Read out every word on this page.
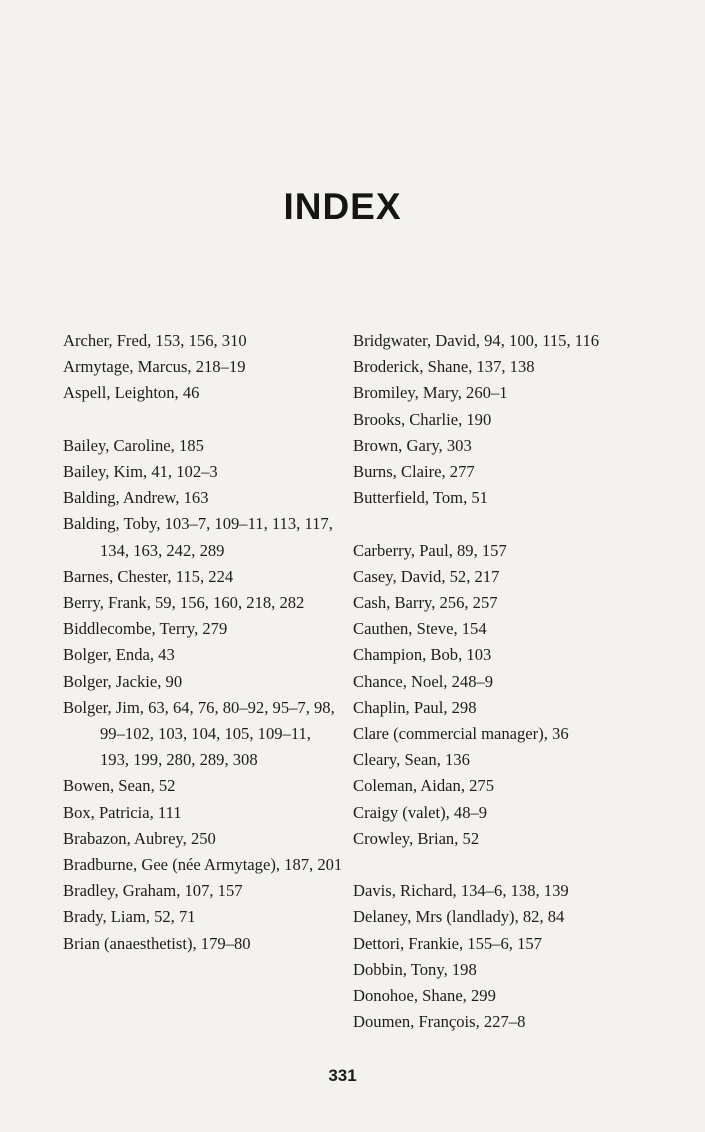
INDEX
Archer, Fred, 153, 156, 310
Armytage, Marcus, 218–19
Aspell, Leighton, 46
Bailey, Caroline, 185
Bailey, Kim, 41, 102–3
Balding, Andrew, 163
Balding, Toby, 103–7, 109–11, 113, 117, 134, 163, 242, 289
Barnes, Chester, 115, 224
Berry, Frank, 59, 156, 160, 218, 282
Biddlecombe, Terry, 279
Bolger, Enda, 43
Bolger, Jackie, 90
Bolger, Jim, 63, 64, 76, 80–92, 95–7, 98, 99–102, 103, 104, 105, 109–11, 193, 199, 280, 289, 308
Bowen, Sean, 52
Box, Patricia, 111
Brabazon, Aubrey, 250
Bradburne, Gee (née Armytage), 187, 201
Bradley, Graham, 107, 157
Brady, Liam, 52, 71
Brian (anaesthetist), 179–80
Bridgwater, David, 94, 100, 115, 116
Broderick, Shane, 137, 138
Bromiley, Mary, 260–1
Brooks, Charlie, 190
Brown, Gary, 303
Burns, Claire, 277
Butterfield, Tom, 51
Carberry, Paul, 89, 157
Casey, David, 52, 217
Cash, Barry, 256, 257
Cauthen, Steve, 154
Champion, Bob, 103
Chance, Noel, 248–9
Chaplin, Paul, 298
Clare (commercial manager), 36
Cleary, Sean, 136
Coleman, Aidan, 275
Craigy (valet), 48–9
Crowley, Brian, 52
Davis, Richard, 134–6, 138, 139
Delaney, Mrs (landlady), 82, 84
Dettori, Frankie, 155–6, 157
Dobbin, Tony, 198
Donohoe, Shane, 299
Doumen, François, 227–8
331
